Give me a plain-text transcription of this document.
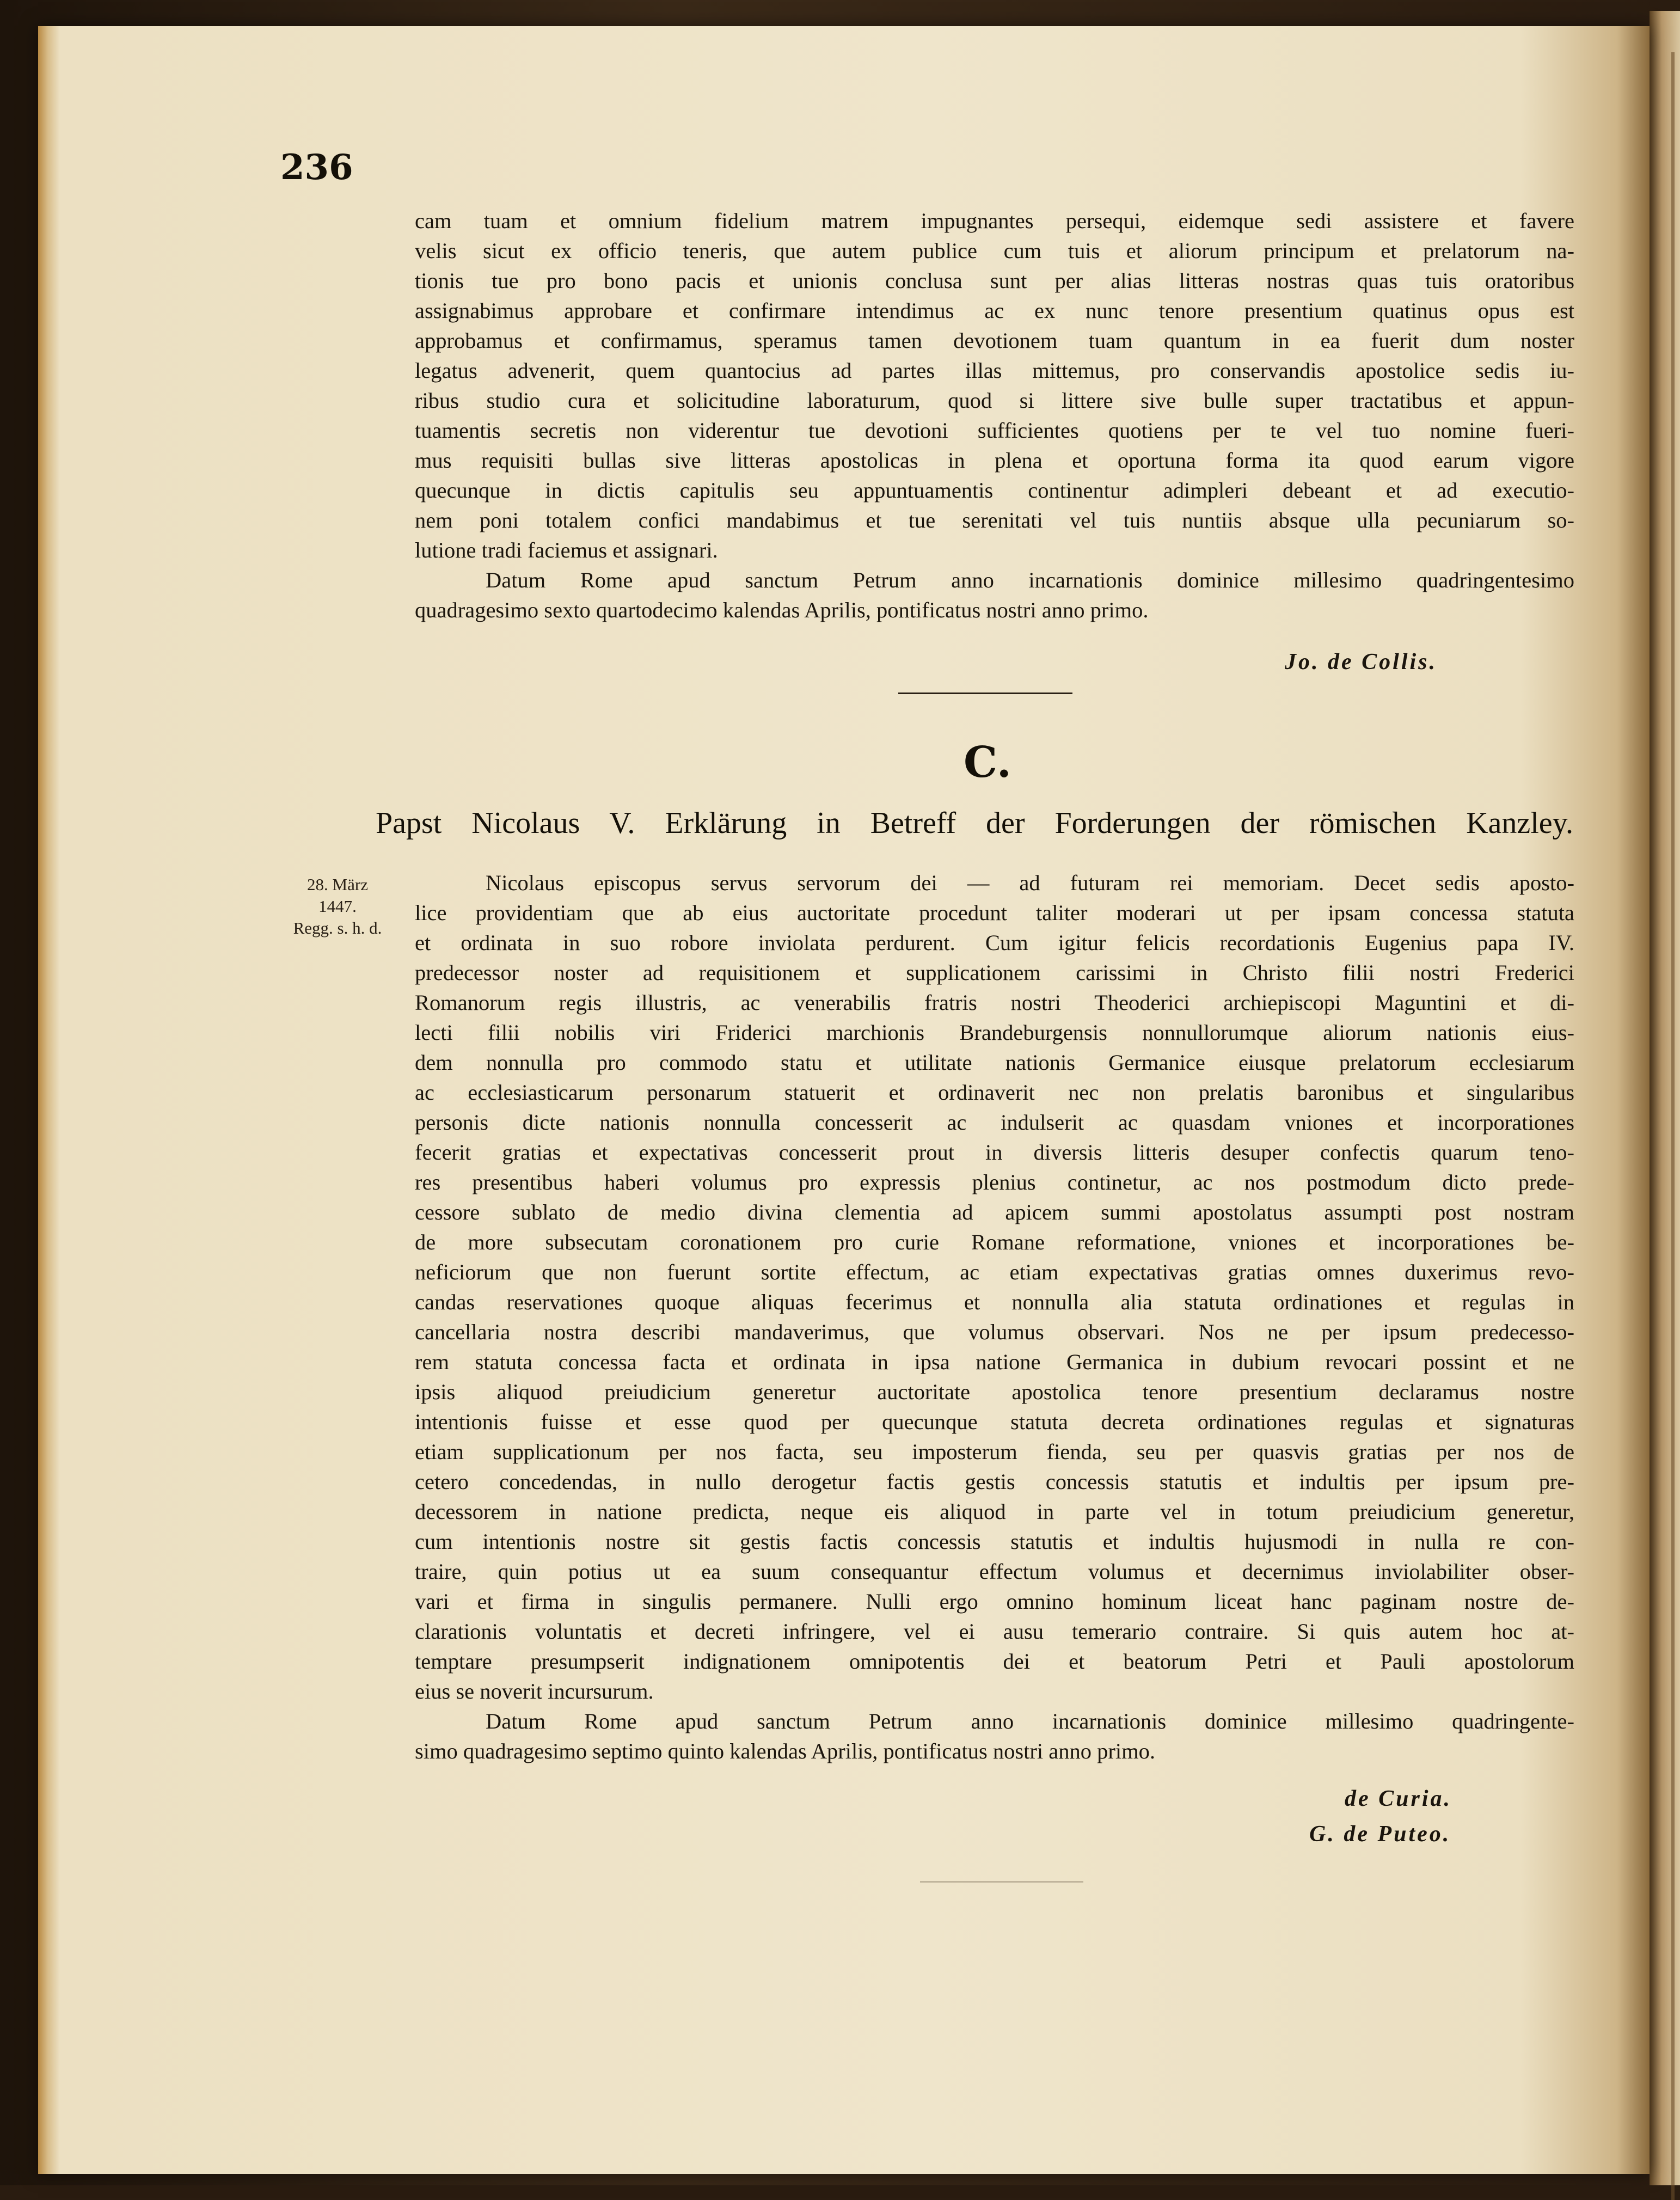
236
cam tuam et omnium fidelium matrem impugnantes persequi, eidemque sedi assistere et favere
velis sicut ex officio teneris, que autem publice cum tuis et aliorum principum et prelatorum na-
tionis tue pro bono pacis et unionis conclusa sunt per alias litteras nostras quas tuis oratoribus
assignabimus approbare et confirmare intendimus ac ex nunc tenore presentium quatinus opus est
approbamus et confirmamus, speramus tamen devotionem tuam quantum in ea fuerit dum noster
legatus advenerit, quem quantocius ad partes illas mittemus, pro conservandis apostolice sedis iu-
ribus studio cura et solicitudine laboraturum, quod si littere sive bulle super tractatibus et appun-
tuamentis secretis non viderentur tue devotioni sufficientes quotiens per te vel tuo nomine fueri-
mus requisiti bullas sive litteras apostolicas in plena et oportuna forma ita quod earum vigore
quecunque in dictis capitulis seu appuntuamentis continentur adimpleri debeant et ad executio-
nem poni totalem confici mandabimus et tue serenitati vel tuis nuntiis absque ulla pecuniarum so-
lutione tradi faciemus et assignari.
Datum Rome apud sanctum Petrum anno incarnationis dominice millesimo quadringentesimo
quadragesimo sexto quartodecimo kalendas Aprilis, pontificatus nostri anno primo.
Jo. de Collis.
C.
Papst Nicolaus V. Erklärung in Betreff der Forderungen der römischen Kanzley.
28. März
1447.
Regg. s. h. d.
Nicolaus episcopus servus servorum dei — ad futuram rei memoriam. Decet sedis aposto-
lice providentiam que ab eius auctoritate procedunt taliter moderari ut per ipsam concessa statuta
et ordinata in suo robore inviolata perdurent. Cum igitur felicis recordationis Eugenius papa IV.
predecessor noster ad requisitionem et supplicationem carissimi in Christo filii nostri Frederici
Romanorum regis illustris, ac venerabilis fratris nostri Theoderici archiepiscopi Maguntini et di-
lecti filii nobilis viri Friderici marchionis Brandeburgensis nonnullorumque aliorum nationis eius-
dem nonnulla pro commodo statu et utilitate nationis Germanice eiusque prelatorum ecclesiarum
ac ecclesiasticarum personarum statuerit et ordinaverit nec non prelatis baronibus et singularibus
personis dicte nationis nonnulla concesserit ac indulserit ac quasdam vniones et incorporationes
fecerit gratias et expectativas concesserit prout in diversis litteris desuper confectis quarum teno-
res presentibus haberi volumus pro expressis plenius continetur, ac nos postmodum dicto prede-
cessore sublato de medio divina clementia ad apicem summi apostolatus assumpti post nostram
de more subsecutam coronationem pro curie Romane reformatione, vniones et incorporationes be-
neficiorum que non fuerunt sortite effectum, ac etiam expectativas gratias omnes duxerimus revo-
candas reservationes quoque aliquas fecerimus et nonnulla alia statuta ordinationes et regulas in
cancellaria nostra describi mandaverimus, que volumus observari. Nos ne per ipsum predecesso-
rem statuta concessa facta et ordinata in ipsa natione Germanica in dubium revocari possint et ne
ipsis aliquod preiudicium generetur auctoritate apostolica tenore presentium declaramus nostre
intentionis fuisse et esse quod per quecunque statuta decreta ordinationes regulas et signaturas
etiam supplicationum per nos facta, seu imposterum fienda, seu per quasvis gratias per nos de
cetero concedendas, in nullo derogetur factis gestis concessis statutis et indultis per ipsum pre-
decessorem in natione predicta, neque eis aliquod in parte vel in totum preiudicium generetur,
cum intentionis nostre sit gestis factis concessis statutis et indultis hujusmodi in nulla re con-
traire, quin potius ut ea suum consequantur effectum volumus et decernimus inviolabiliter obser-
vari et firma in singulis permanere. Nulli ergo omnino hominum liceat hanc paginam nostre de-
clarationis voluntatis et decreti infringere, vel ei ausu temerario contraire. Si quis autem hoc at-
temptare presumpserit indignationem omnipotentis dei et beatorum Petri et Pauli apostolorum
eius se noverit incursurum.
Datum Rome apud sanctum Petrum anno incarnationis dominice millesimo quadringente-
simo quadragesimo septimo quinto kalendas Aprilis, pontificatus nostri anno primo.
de Curia.
G. de Puteo.
